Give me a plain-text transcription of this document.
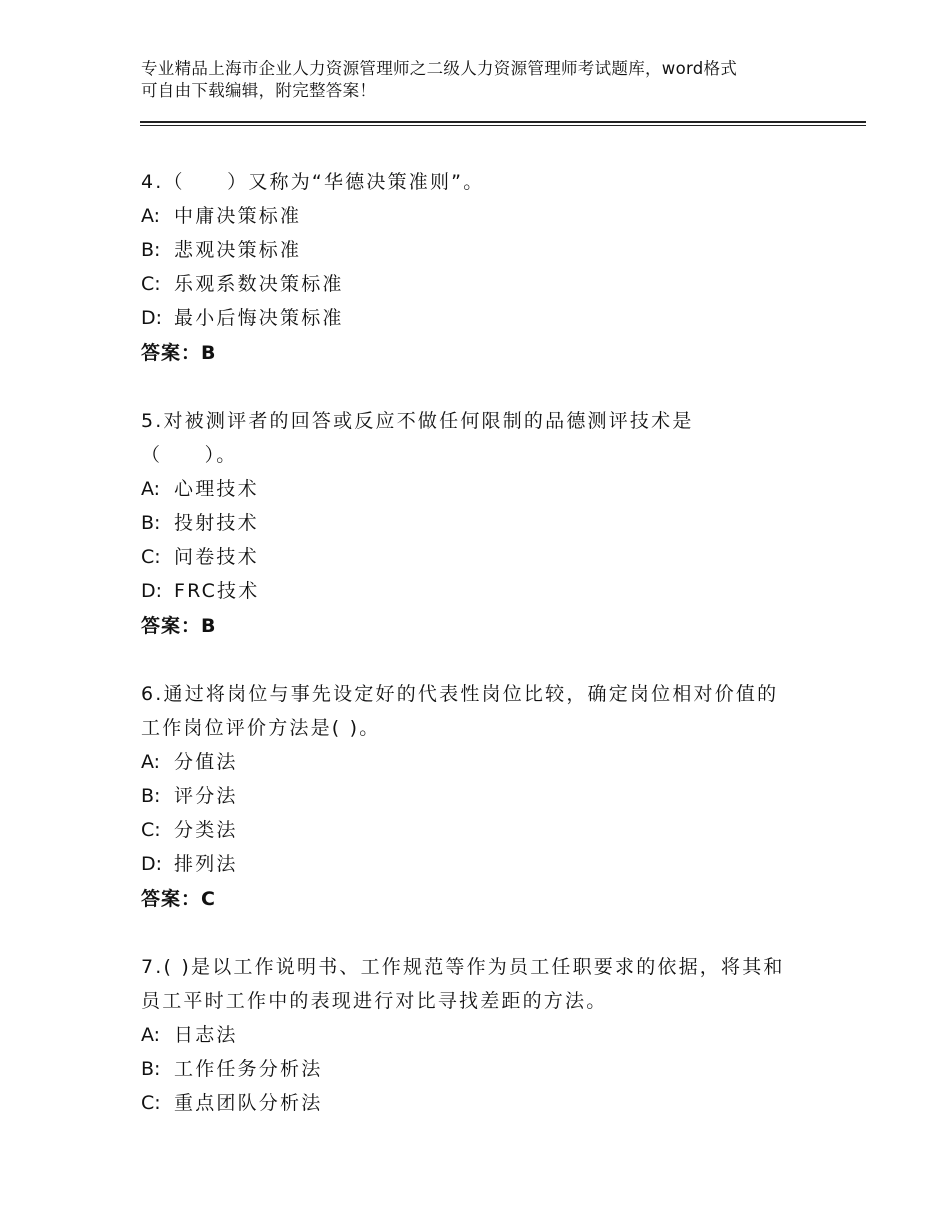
专业精品上海市企业人力资源管理师之二级人力资源管理师考试题库，word格式
可自由下载编辑，附完整答案！
4.（　　）又称为“华德决策准则”。
A: 中庸决策标准
B: 悲观决策标准
C: 乐观系数决策标准
D: 最小后悔决策标准
答案：B
5.对被测评者的回答或反应不做任何限制的品德测评技术是
（　　）。
A: 心理技术
B: 投射技术
C: 问卷技术
D: FRC技术
答案：B
6.通过将岗位与事先设定好的代表性岗位比较，确定岗位相对价值的
工作岗位评价方法是( )。
A: 分值法
B: 评分法
C: 分类法
D: 排列法
答案：C
7.( )是以工作说明书、工作规范等作为员工任职要求的依据，将其和
员工平时工作中的表现进行对比寻找差距的方法。
A: 日志法
B: 工作任务分析法
C: 重点团队分析法
